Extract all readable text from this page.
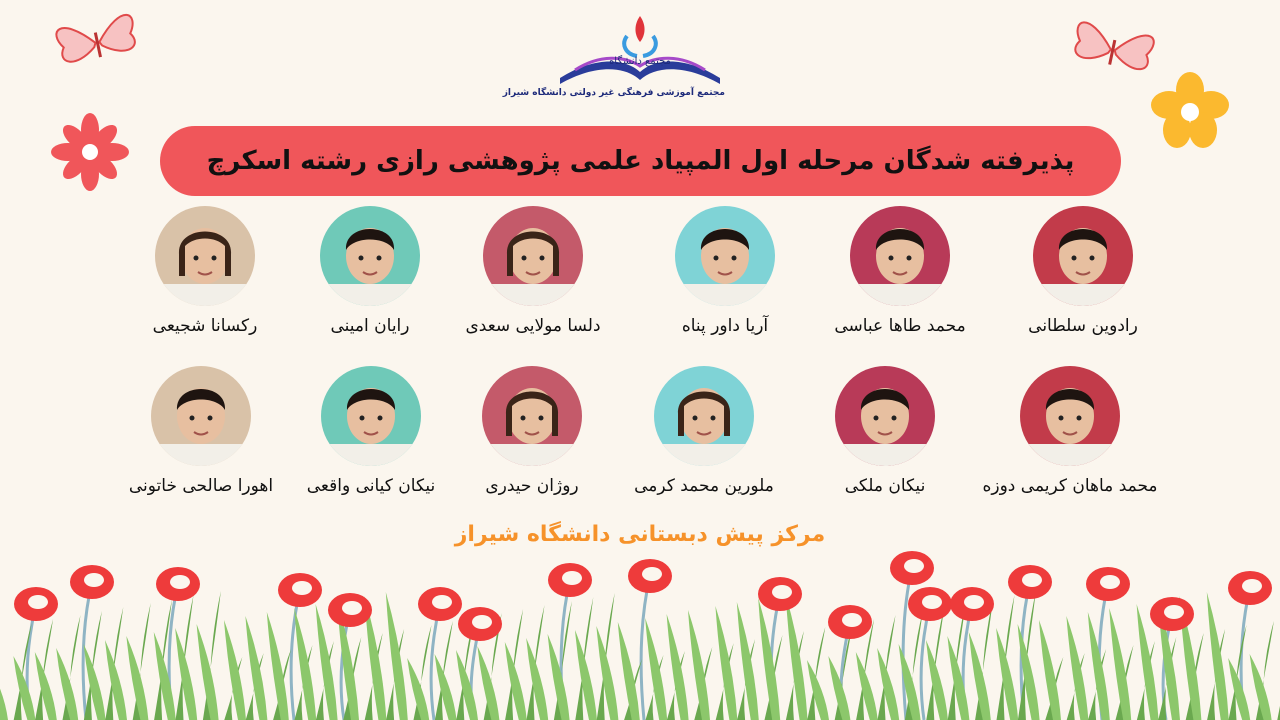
مجتمع دانشگاه
مجتمع آموزشی فرهنگی غیر دولتی دانشگاه شیراز
پذیرفته شدگان مرحله اول المپیاد علمی پژوهشی رازی رشته اسکرچ
رادوین سلطانی
محمد طاها عباسی
آریا داور پناه
دلسا مولایی سعدی
رایان امینی
رکسانا شجیعی
محمد ماهان کریمی دوزه
نیکان ملکی
ملورین محمد کرمی
روژان حیدری
نیکان کیانی واقعی
اهورا صالحی خاتونی
مرکز پیش دبستانی دانشگاه شیراز
